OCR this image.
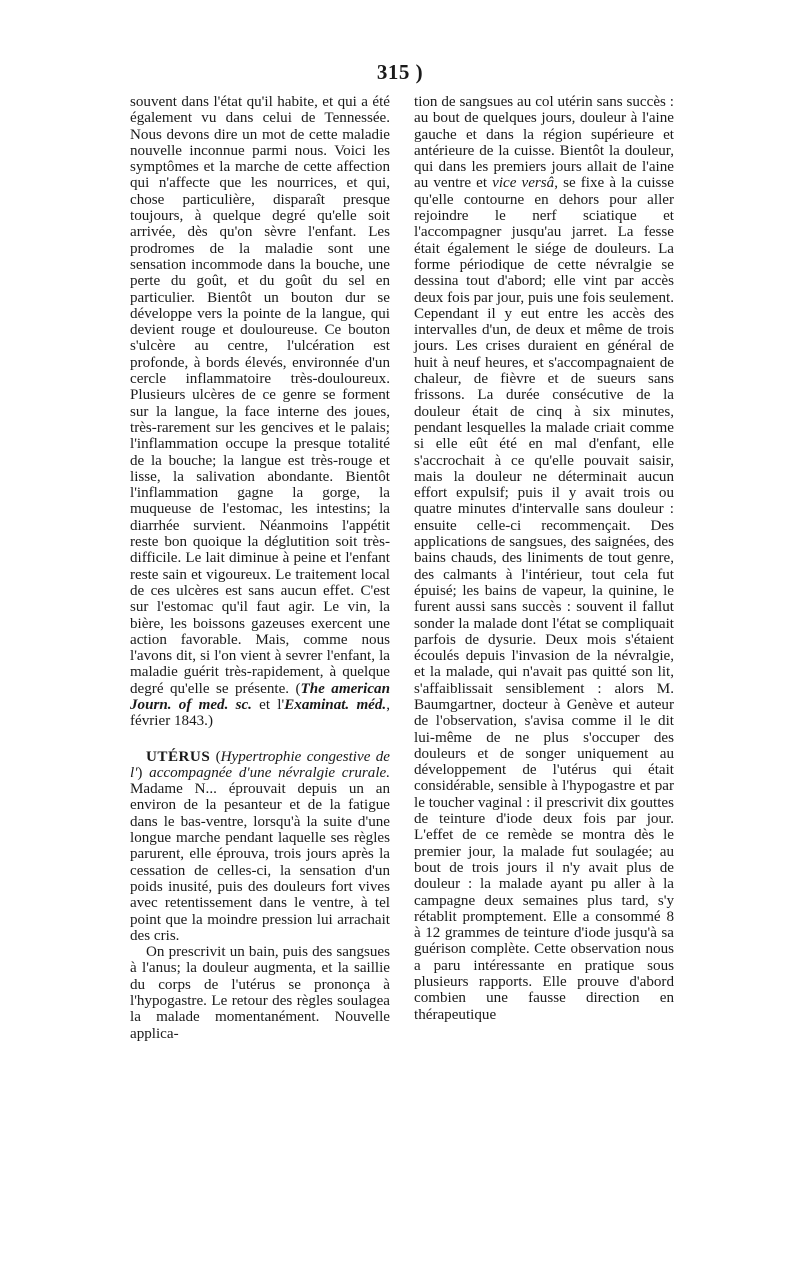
315 )

souvent dans l'état qu'il habite, et qui a été également vu dans celui de Tennessée. Nous devons dire un mot de cette maladie nouvelle inconnue parmi nous. Voici les symptômes et la marche de cette affection qui n'affecte que les nourrices, et qui, chose particulière, disparaît presque toujours, à quelque degré qu'elle soit arrivée, dès qu'on sèvre l'enfant. Les prodromes de la maladie sont une sensation incommode dans la bouche, une perte du goût, et du goût du sel en particulier. Bientôt un bouton dur se développe vers la pointe de la langue, qui devient rouge et douloureuse. Ce bouton s'ulcère au centre, l'ulcération est profonde, à bords élevés, environnée d'un cercle inflammatoire très-douloureux. Plusieurs ulcères de ce genre se forment sur la langue, la face interne des joues, très-rarement sur les gencives et le palais; l'inflammation occupe la presque totalité de la bouche; la langue est très-rouge et lisse, la salivation abondante. Bientôt l'inflammation gagne la gorge, la muqueuse de l'estomac, les intestins; la diarrhée survient. Néanmoins l'appétit reste bon quoique la déglutition soit très-difficile. Le lait diminue à peine et l'enfant reste sain et vigoureux. Le traitement local de ces ulcères est sans aucun effet. C'est sur l'estomac qu'il faut agir. Le vin, la bière, les boissons gazeuses exercent une action favorable. Mais, comme nous l'avons dit, si l'on vient à sevrer l'enfant, la maladie guérit très-rapidement, à quelque degré qu'elle se présente. (The american Journ. of med. sc. et l'Examinat. méd., février 1843.)

UTÉRUS (Hypertrophie congestive de l') accompagnée d'une névralgie crurale. Madame N... éprouvait depuis un an environ de la pesanteur et de la fatigue dans le bas-ventre, lorsqu'à la suite d'une longue marche pendant laquelle ses règles parurent, elle éprouva, trois jours après la cessation de celles-ci, la sensation d'un poids inusité, puis des douleurs fort vives avec retentissement dans le ventre, à tel point que la moindre pression lui arrachait des cris.

On prescrivit un bain, puis des sangsues à l'anus; la douleur augmenta, et la saillie du corps de l'utérus se prononça à l'hypogastre. Le retour des règles soulagea la malade momentanément. Nouvelle applica-

tion de sangsues au col utérin sans succès : au bout de quelques jours, douleur à l'aine gauche et dans la région supérieure et antérieure de la cuisse. Bientôt la douleur, qui dans les premiers jours allait de l'aine au ventre et vice versâ, se fixe à la cuisse qu'elle contourne en dehors pour aller rejoindre le nerf sciatique et l'accompagner jusqu'au jarret. La fesse était également le siége de douleurs. La forme périodique de cette névralgie se dessina tout d'abord; elle vint par accès deux fois par jour, puis une fois seulement. Cependant il y eut entre les accès des intervalles d'un, de deux et même de trois jours. Les crises duraient en général de huit à neuf heures, et s'accompagnaient de chaleur, de fièvre et de sueurs sans frissons. La durée consécutive de la douleur était de cinq à six minutes, pendant lesquelles la malade criait comme si elle eût été en mal d'enfant, elle s'accrochait à ce qu'elle pouvait saisir, mais la douleur ne déterminait aucun effort expulsif; puis il y avait trois ou quatre minutes d'intervalle sans douleur : ensuite celle-ci recommençait. Des applications de sangsues, des saignées, des bains chauds, des liniments de tout genre, des calmants à l'intérieur, tout cela fut épuisé; les bains de vapeur, la quinine, le furent aussi sans succès : souvent il fallut sonder la malade dont l'état se compliquait parfois de dysurie. Deux mois s'étaient écoulés depuis l'invasion de la névralgie, et la malade, qui n'avait pas quitté son lit, s'affaiblissait sensiblement : alors M. Baumgartner, docteur à Genève et auteur de l'observation, s'avisa comme il le dit lui-même de ne plus s'occuper des douleurs et de songer uniquement au développement de l'utérus qui était considérable, sensible à l'hypogastre et par le toucher vaginal : il prescrivit dix gouttes de teinture d'iode deux fois par jour. L'effet de ce remède se montra dès le premier jour, la malade fut soulagée; au bout de trois jours il n'y avait plus de douleur : la malade ayant pu aller à la campagne deux semaines plus tard, s'y rétablit promptement. Elle a consommé 8 à 12 grammes de teinture d'iode jusqu'à sa guérison complète. Cette observation nous a paru intéressante en pratique sous plusieurs rapports. Elle prouve d'abord combien une fausse direction en thérapeutique
